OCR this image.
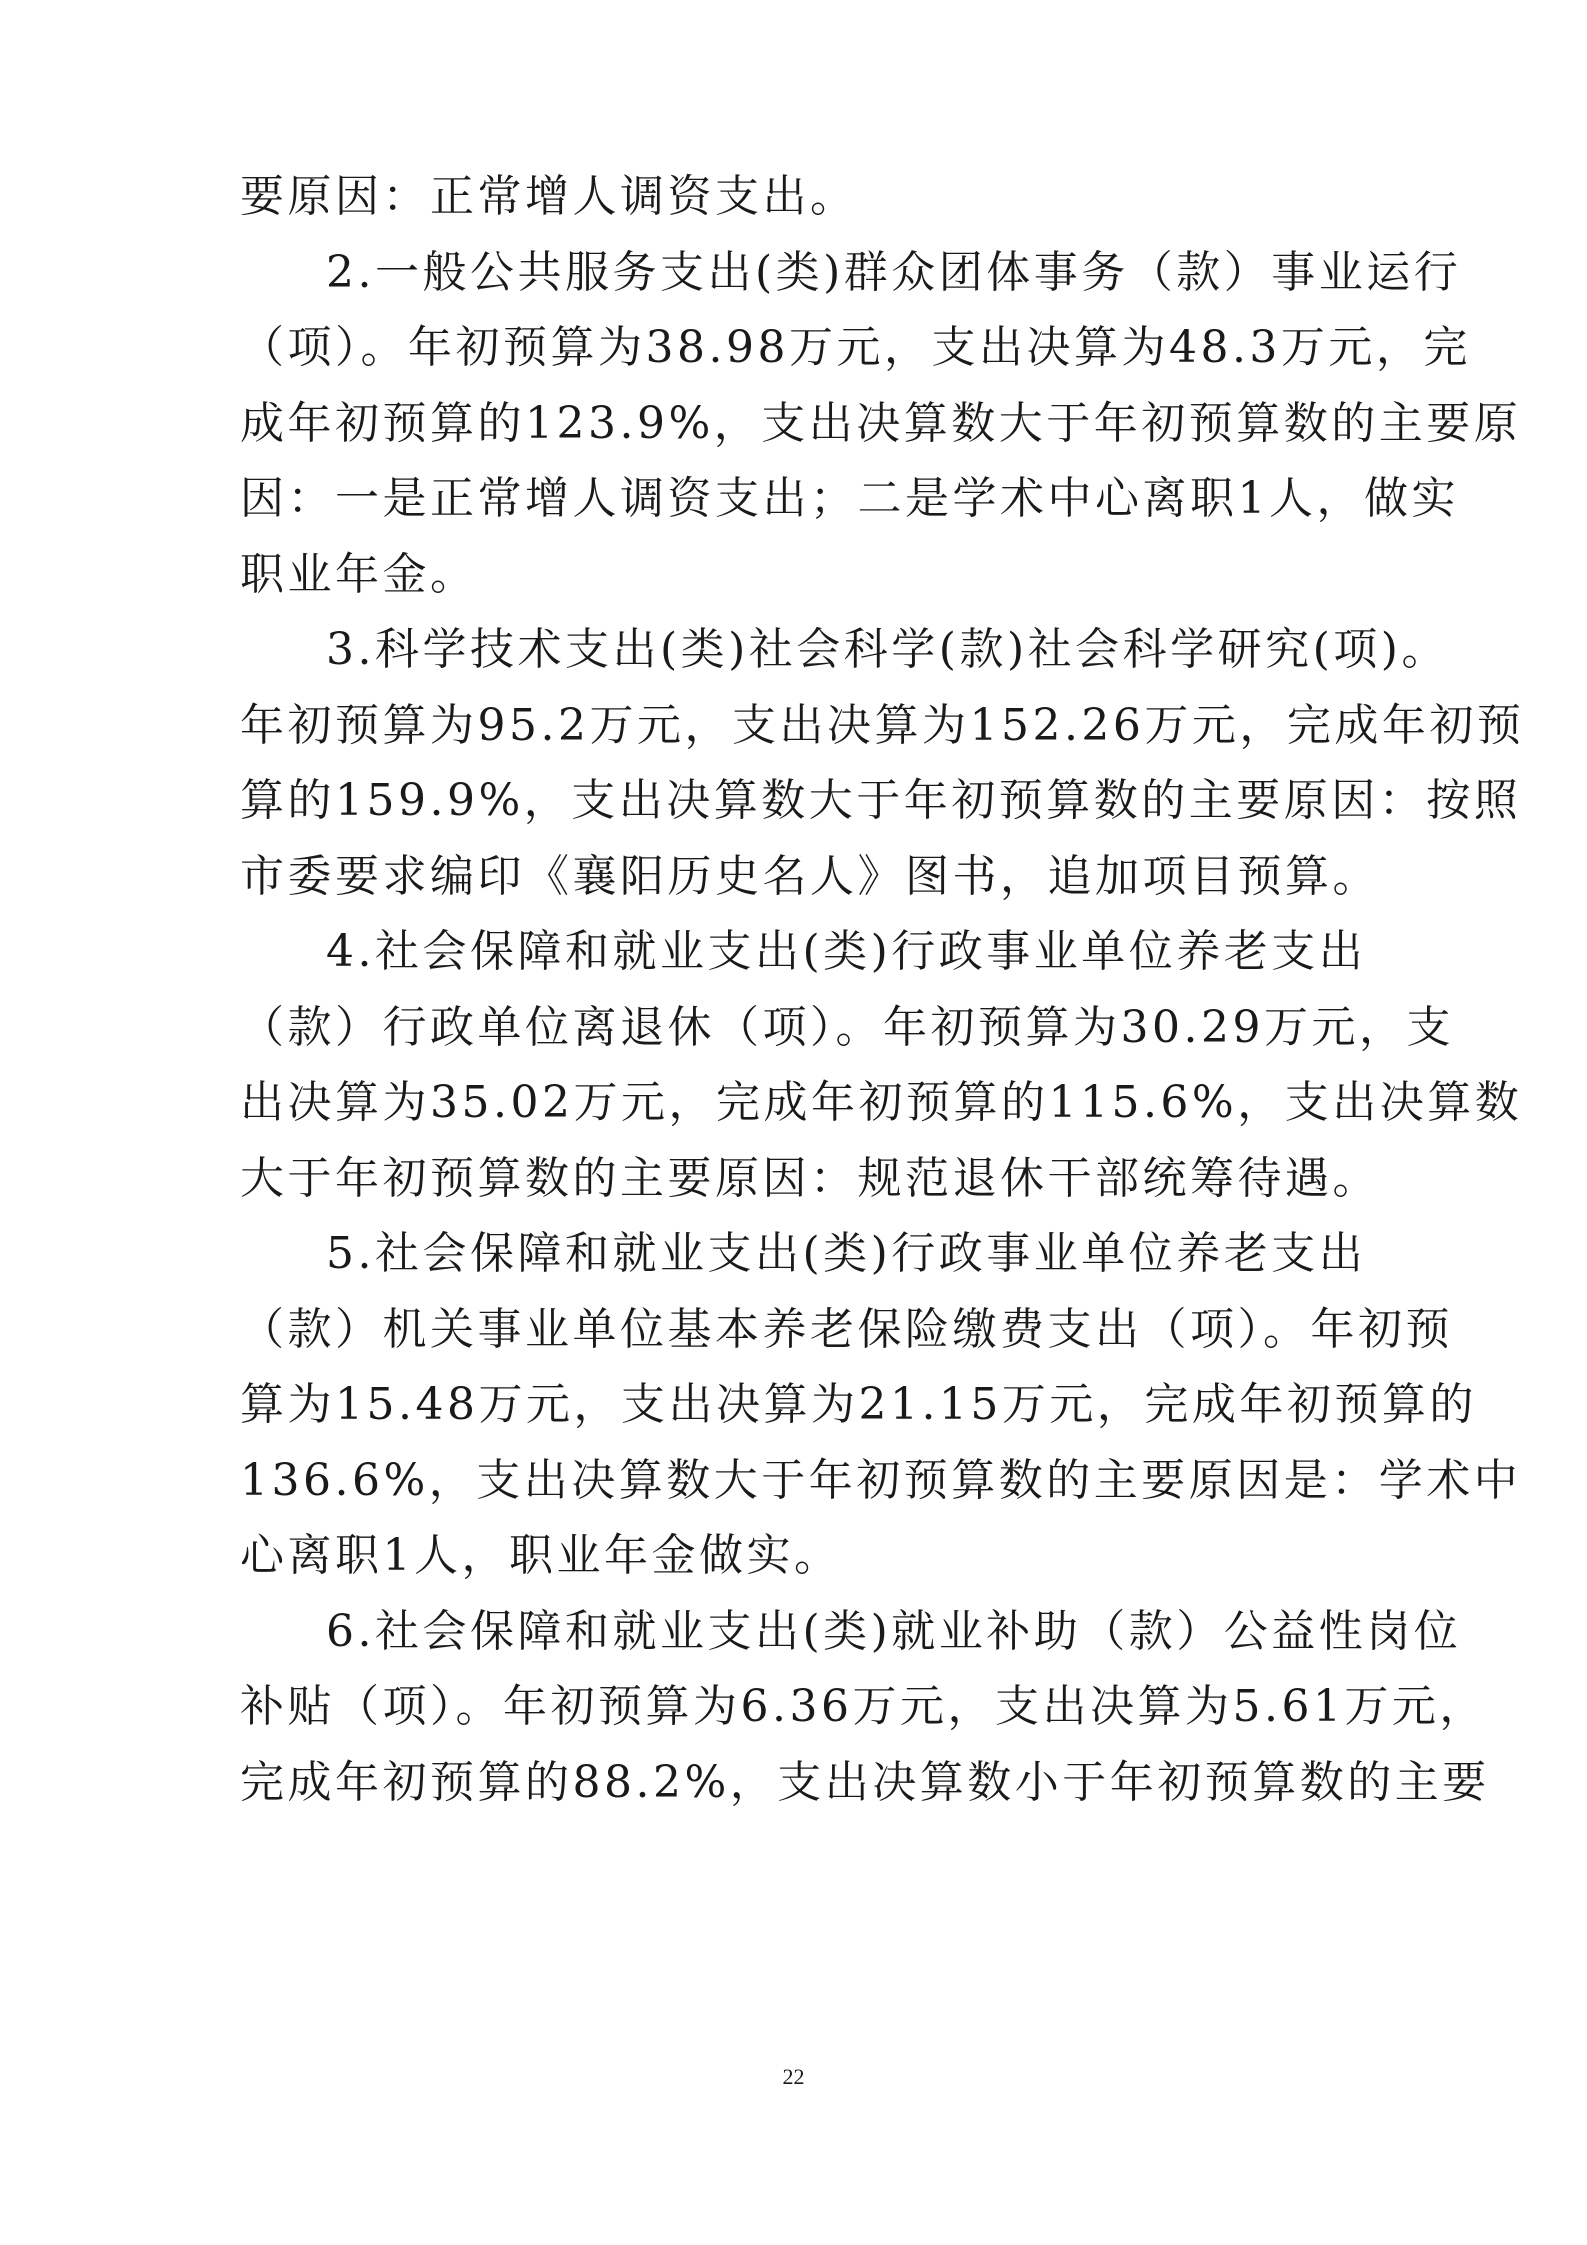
要原因：正常增人调资支出。
2.一般公共服务支出(类)群众团体事务（款）事业运行
（项）。年初预算为38.98万元，支出决算为48.3万元，完
成年初预算的123.9%，支出决算数大于年初预算数的主要原
因：一是正常增人调资支出；二是学术中心离职1人，做实
职业年金。
3.科学技术支出(类)社会科学(款)社会科学研究(项)。
年初预算为95.2万元，支出决算为152.26万元，完成年初预
算的159.9%，支出决算数大于年初预算数的主要原因：按照
市委要求编印《襄阳历史名人》图书，追加项目预算。
4.社会保障和就业支出(类)行政事业单位养老支出
（款）行政单位离退休（项）。年初预算为30.29万元，支
出决算为35.02万元，完成年初预算的115.6%，支出决算数
大于年初预算数的主要原因：规范退休干部统筹待遇。
5.社会保障和就业支出(类)行政事业单位养老支出
（款）机关事业单位基本养老保险缴费支出（项）。年初预
算为15.48万元，支出决算为21.15万元，完成年初预算的
136.6%，支出决算数大于年初预算数的主要原因是：学术中
心离职1人，职业年金做实。
6.社会保障和就业支出(类)就业补助（款）公益性岗位
补贴（项）。年初预算为6.36万元，支出决算为5.61万元，
完成年初预算的88.2%，支出决算数小于年初预算数的主要
22
